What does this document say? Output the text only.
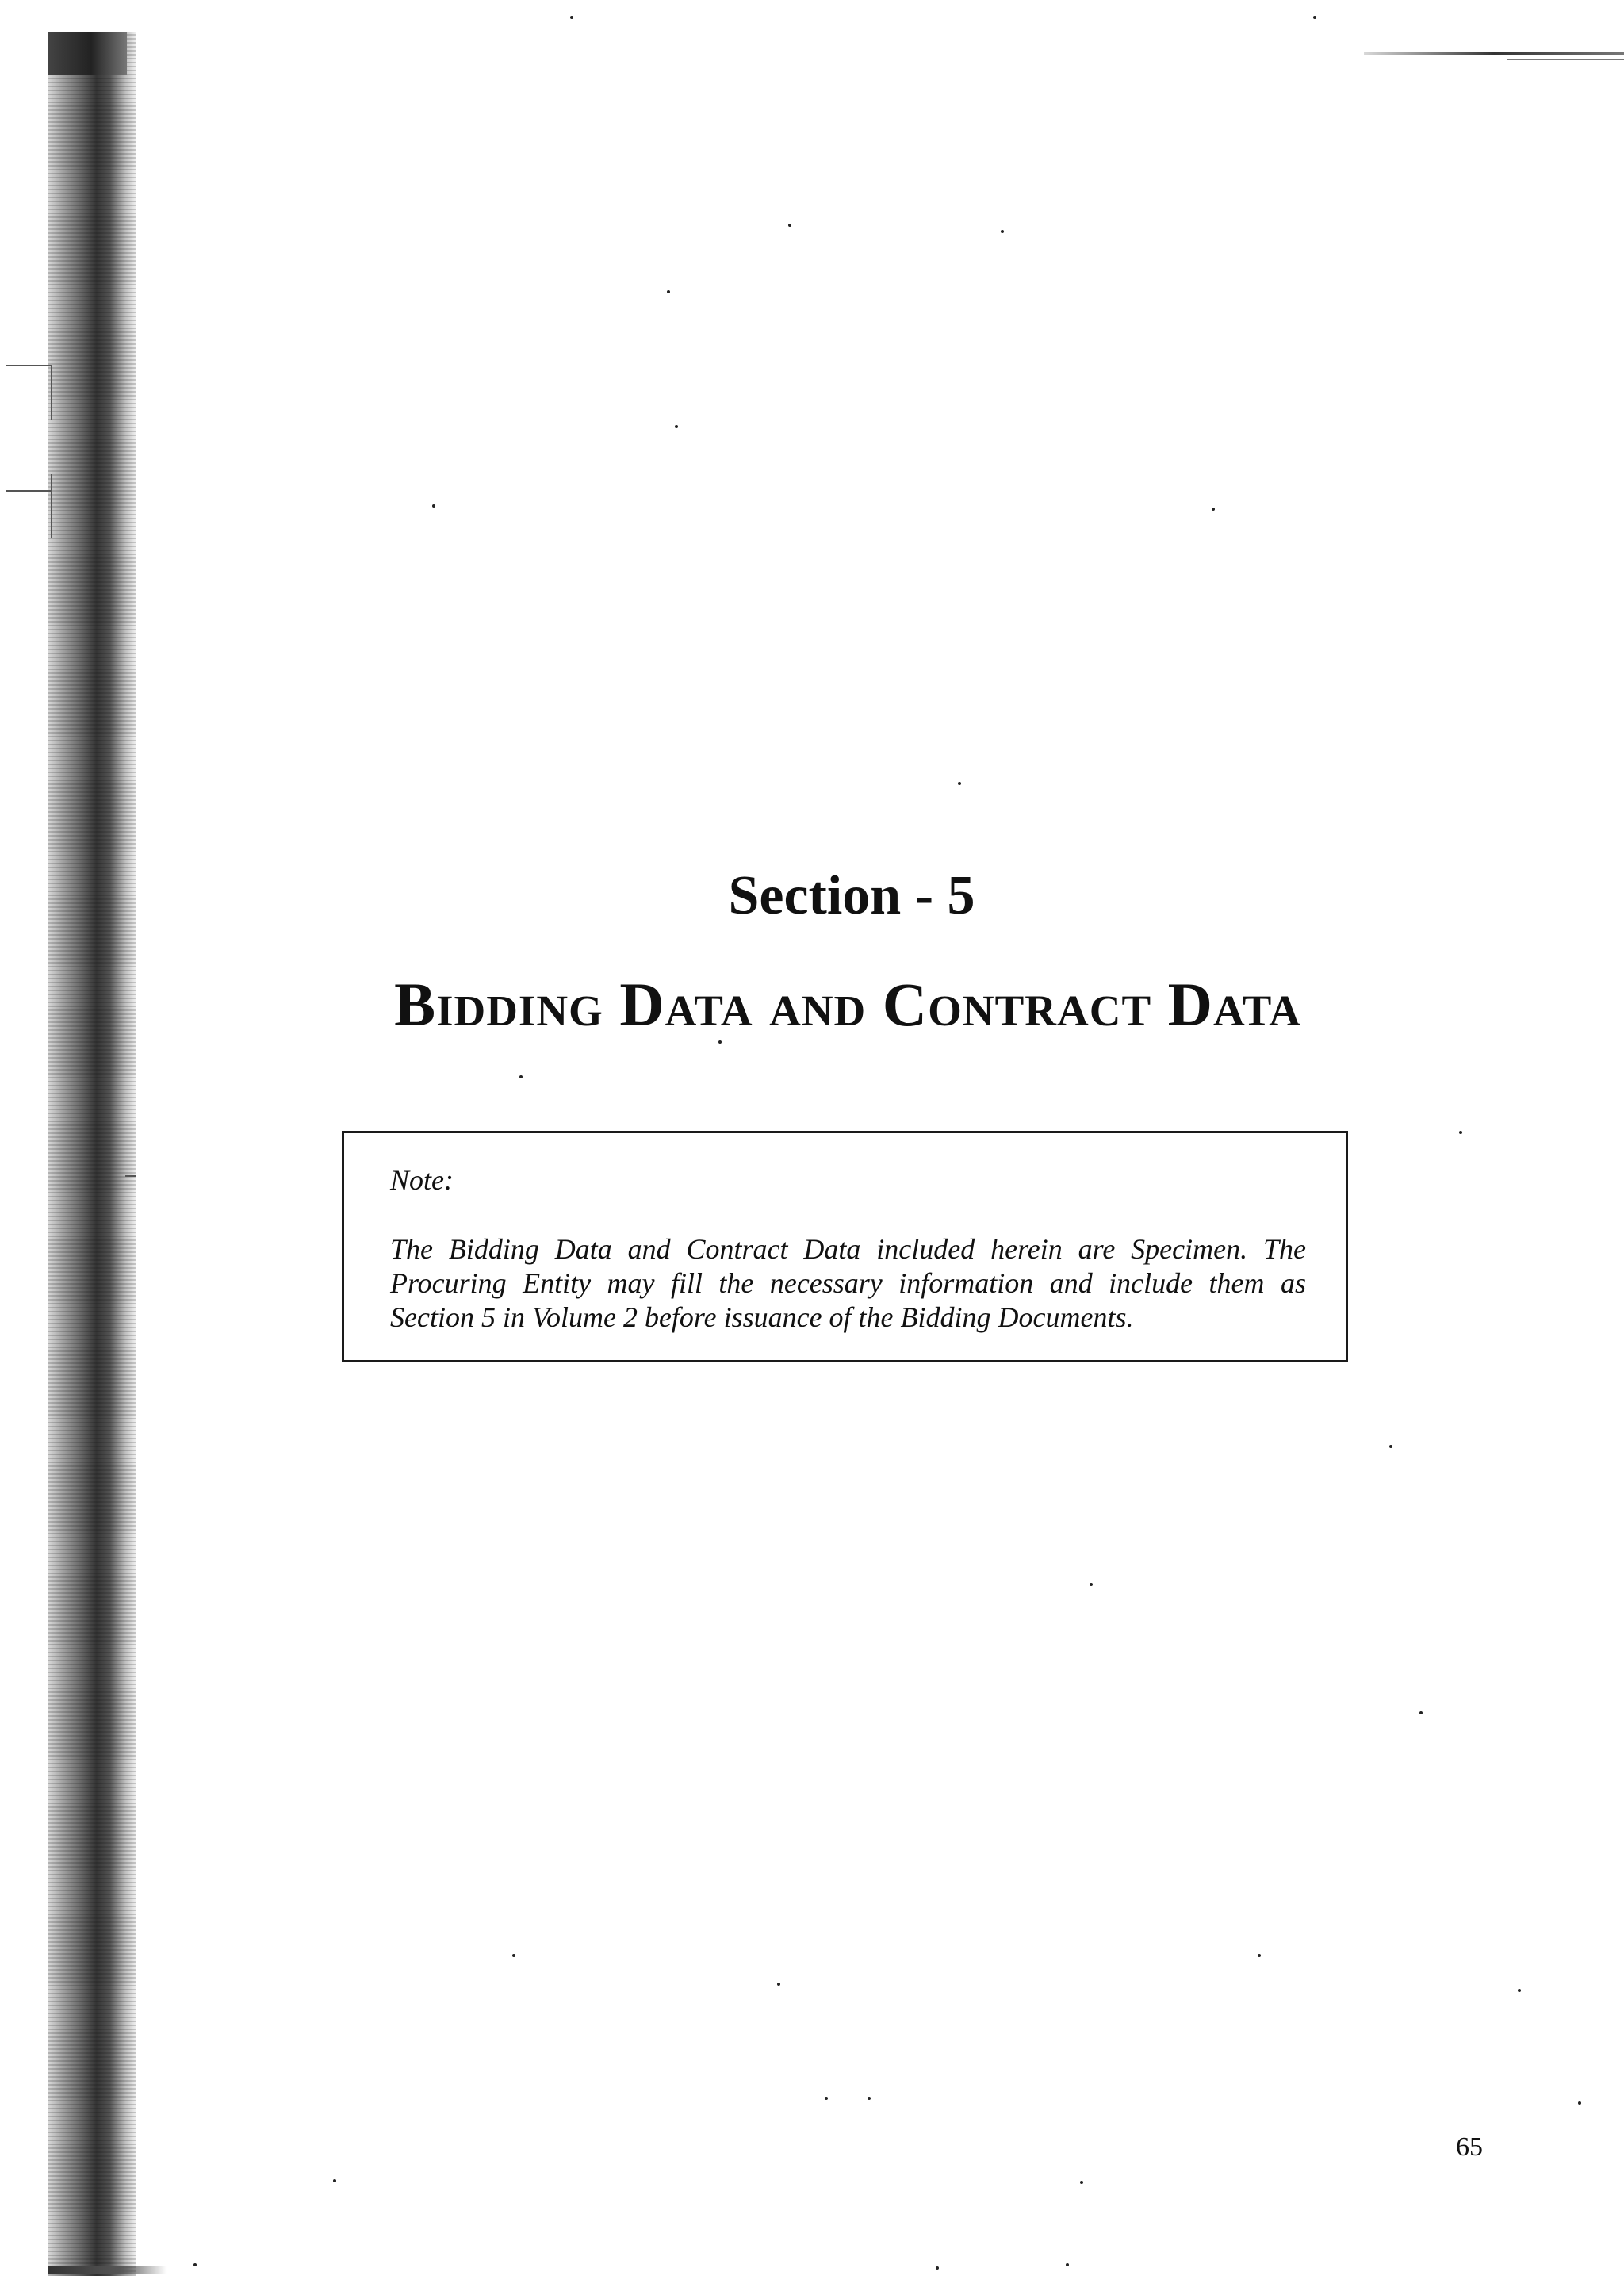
Section - 5
Bidding Data and Contract Data

Note:

The Bidding Data and Contract Data included herein are Specimen. The Procuring Entity may fill the necessary information and include them as Section 5 in Volume 2 before issuance of the Bidding Documents.

65
